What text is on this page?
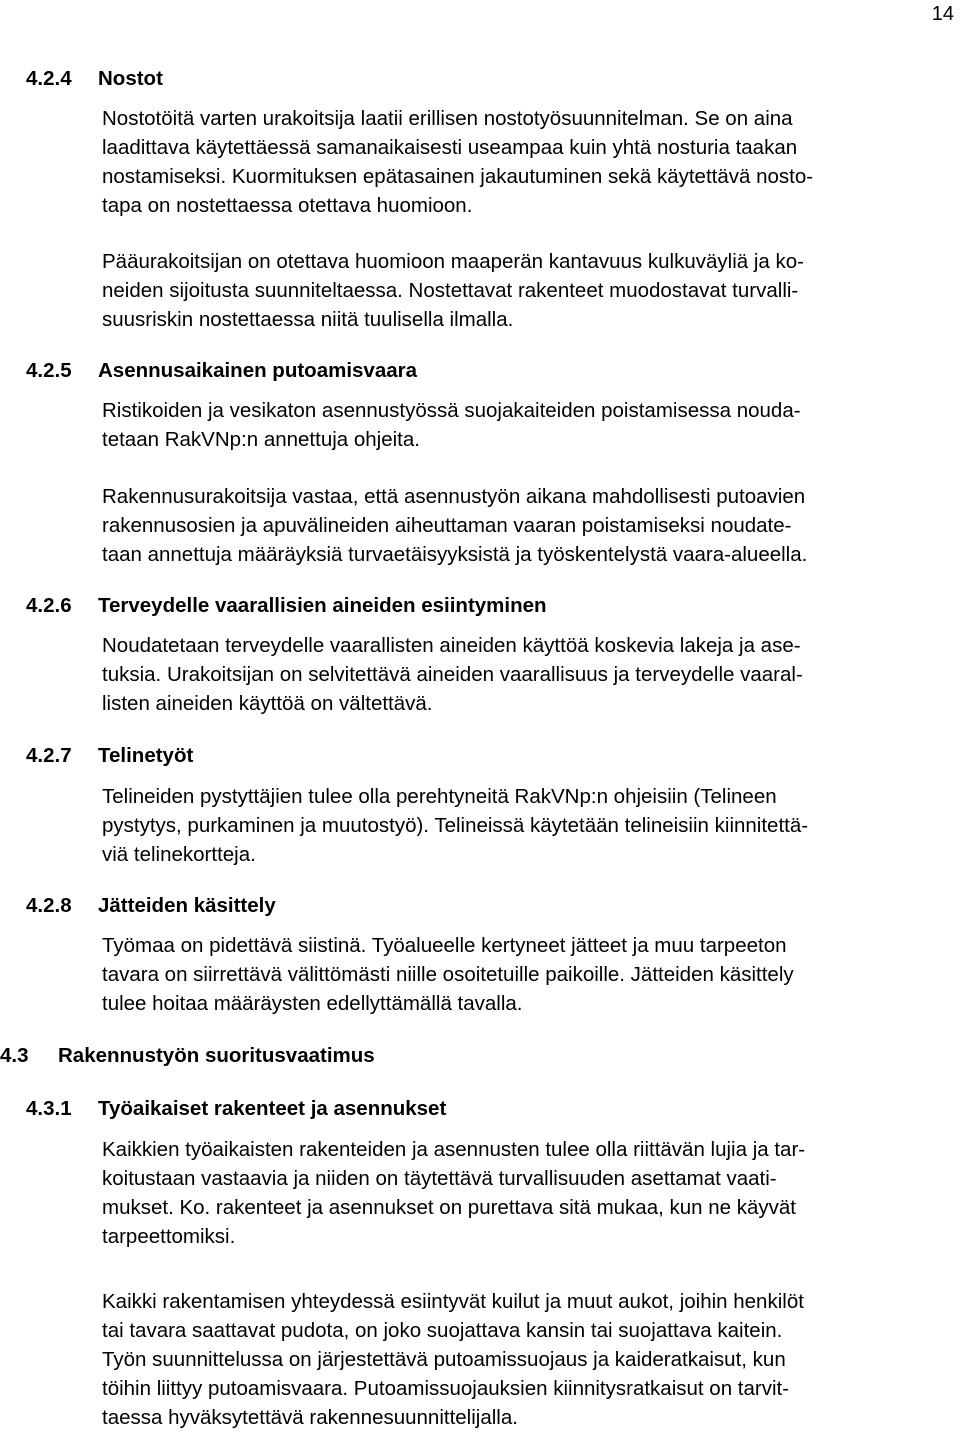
14
4.2.4 Nostot
Nostotöitä varten urakoitsija laatii erillisen nostotyösuunnitelman. Se on aina
laadittava käytettäessä samanaikaisesti useampaa kuin yhtä nosturia taakan
nostamiseksi. Kuormituksen epätasainen jakautuminen sekä käytettävä nosto-
tapa on nostettaessa otettava huomioon.
Pääurakoitsijan on otettava huomioon maaperän kantavuus kulkuväyliä ja ko-
neiden sijoitusta suunniteltaessa. Nostettavat rakenteet muodostavat turvalli-
suusriskin nostettaessa niitä tuulisella ilmalla.
4.2.5 Asennusaikainen putoamisvaara
Ristikoiden ja vesikaton asennustyössä suojakaiteiden poistamisessa nouda-
tetaan RakVNp:n annettuja ohjeita.
Rakennusurakoitsija vastaa, että asennustyön aikana mahdollisesti putoavien
rakennusosien ja apuvälineiden aiheuttaman vaaran poistamiseksi noudate-
taan annettuja määräyksiä turvaetäisyyksistä ja työskentelystä vaara-alueella.
4.2.6 Terveydelle vaarallisien aineiden esiintyminen
Noudatetaan terveydelle vaarallisten aineiden käyttöä koskevia lakeja ja ase-
tuksia. Urakoitsijan on selvitettävä aineiden vaarallisuus ja terveydelle vaaral-
listen aineiden käyttöä on vältettävä.
4.2.7 Telinetyöt
Telineiden pystyttäjien tulee olla perehtyneitä RakVNp:n ohjeisiin (Telineen
pystytys, purkaminen ja muutostyö). Telineissä käytetään telineisiin kiinnitettä-
viä telinekortteja.
4.2.8 Jätteiden käsittely
Työmaa on pidettävä siistinä. Työalueelle kertyneet jätteet ja muu tarpeeton
tavara on siirrettävä välittömästi niille osoitetuille paikoille. Jätteiden käsittely
tulee hoitaa määräysten edellyttämällä tavalla.
4.3 Rakennustyön suoritusvaatimus
4.3.1 Työaikaiset rakenteet ja asennukset
Kaikkien työaikaisten rakenteiden ja asennusten tulee olla riittävän lujia ja tar-
koitustaan vastaavia ja niiden on täytettävä turvallisuuden asettamat vaati-
mukset. Ko. rakenteet ja asennukset on purettava sitä mukaa, kun ne käyvät
tarpeettomiksi.
Kaikki rakentamisen yhteydessä esiintyvät kuilut ja muut aukot, joihin henkilöt
tai tavara saattavat pudota, on joko suojattava kansin tai suojattava kaitein.
Työn suunnittelussa on järjestettävä putoamissuojaus ja kaideratkaisut, kun
töihin liittyy putoamisvaara. Putoamissuojauksien kiinnitysratkaisut on tarvit-
taessa hyväksytettävä rakennesuunnittelijalla.
